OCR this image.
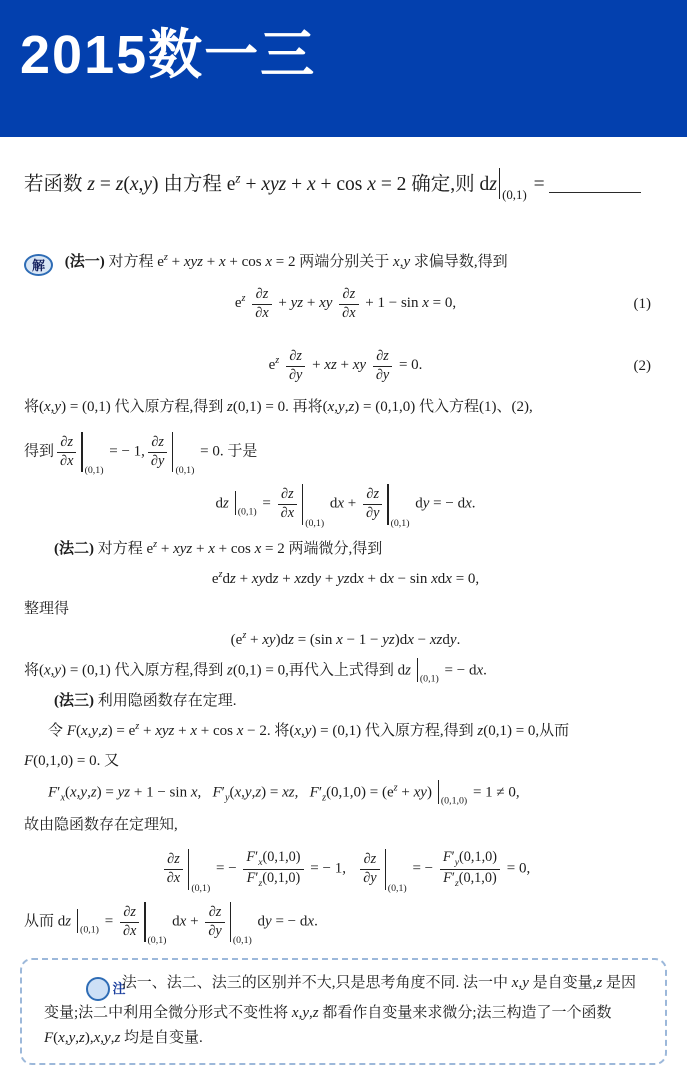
2015数一三

若函数 z = z(x,y) 由方程 $e^z$ + xyz + x + cos x = 2 确定,则 dz
(0,1)
=

解 (法一) 对方程 $e^z$ + xyz + x + cos x = 2 两端分别关于 x,y 求偏导数,得到
$e^z \frac{\partial z}{\partial x}$ + yz + xy $\frac{\partial z}{\partial x} + 1 - \sin x = 0$,	(1)
$e^z \frac{\partial z}{\partial y}$ + xz + xy $\frac{\partial z}{\partial y} = 0$.	(2)
将(x,y) = (0,1) 代入原方程,得到 z(0,1) = 0. 再将(x,y,z) = (0,1,0) 代入方程(1)、(2),
得到 $\frac{\partial z}{\partial x}$
(0,1)
= − 1, $\frac{\partial z}{\partial y}$
(0,1)
= 0. 于是
dz
(0,1)
= $\frac{\partial z}{\partial x}$
(0,1)
dx + $\frac{\partial z}{\partial y}$
(0,1)
dy = − dx.
(法二) 对方程 $e^z$ + xyz + x + cos x = 2 两端微分,得到
$e^zdz$ + xydz + xzdy + yzdx + dx − sin xdx = 0,
整理得
$(e^z + xy)dz = (\sin$ x − 1 − yz)dx − xzdy.
将(x,y) = (0,1) 代入原方程,得到 z(0,1) = 0,再代入上式得到 dz
(0,1)
= − dx.
(法三) 利用隐函数存在定理.
令 $F(x,y,z) = e^z$ + xyz + x + cos x − 2. 将(x,y) = (0,1) 代入原方程,得到 z(0,1) = 0,从而
F(0,1,0) = 0. 又
$F'_x(x,y,z)$ = yz + 1 − sin x,   $F'_y(x,y,z)$ = xz,   $F'_z(0,1,0) = (e^z + xy)$
(0,1,0)
= 1 ≠ 0,
故由隐函数存在定理知,
$\frac{\partial z}{\partial x}$
(0,1)
= − $\frac{F'_x(0,1,0)}{F'_z(0,1,0)}$ = − 1, $\frac{\partial z}{\partial y}$
(0,1)
= − $\frac{F'_y(0,1,0)}{F'_z(0,1,0)} = 0$,
从而 dz
(0,1)
= $\frac{\partial z}{\partial x}$
(0,1)
dx + $\frac{\partial z}{\partial y}$
(0,1)
dy = − dx.

注 法一、法二、法三的区别并不大,只是思考角度不同. 法一中 x,y 是自变量,z 是因变量;法二中利用全微分形式不变性将 x,y,z 都看作自变量来求微分;法三构造了一个函数 F(x,y,z),x,y,z 均是自变量.
